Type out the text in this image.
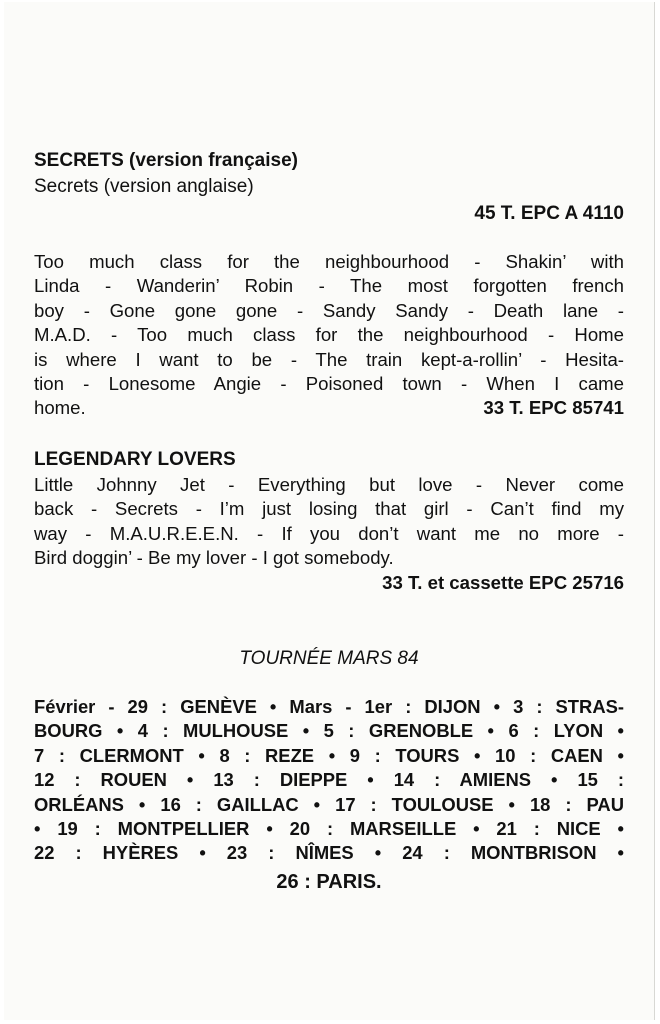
SECRETS (version française)
Secrets (version anglaise)
45 T. EPC A 4110
Too much class for the neighbourhood - Shakin’ with
Linda - Wanderin’ Robin - The most forgotten french
boy - Gone gone gone - Sandy Sandy - Death lane -
M.A.D. - Too much class for the neighbourhood - Home
is where I want to be - The train kept-a-rollin’ - Hesita-
tion - Lonesome Angie - Poisoned town - When I came
home.	33 T. EPC 85741
LEGENDARY LOVERS
Little Johnny Jet - Everything but love - Never come
back - Secrets - I’m just losing that girl - Can’t find my
way - M.A.U.R.E.E.N. - If you don’t want me no more -
Bird doggin’ - Be my lover - I got somebody.
33 T. et cassette EPC 25716
TOURNÉE MARS 84
Février - 29 : GENÈVE • Mars - 1er : DIJON • 3 : STRAS-
BOURG • 4 : MULHOUSE • 5 : GRENOBLE • 6 : LYON •
7 : CLERMONT • 8 : REZE • 9 : TOURS • 10 : CAEN •
12 : ROUEN • 13 : DIEPPE • 14 : AMIENS • 15 :
ORLÉANS • 16 : GAILLAC • 17 : TOULOUSE • 18 : PAU
• 19 : MONTPELLIER • 20 : MARSEILLE • 21 : NICE •
22 : HYÈRES • 23 : NÎMES • 24 : MONTBRISON •
26 : PARIS.
